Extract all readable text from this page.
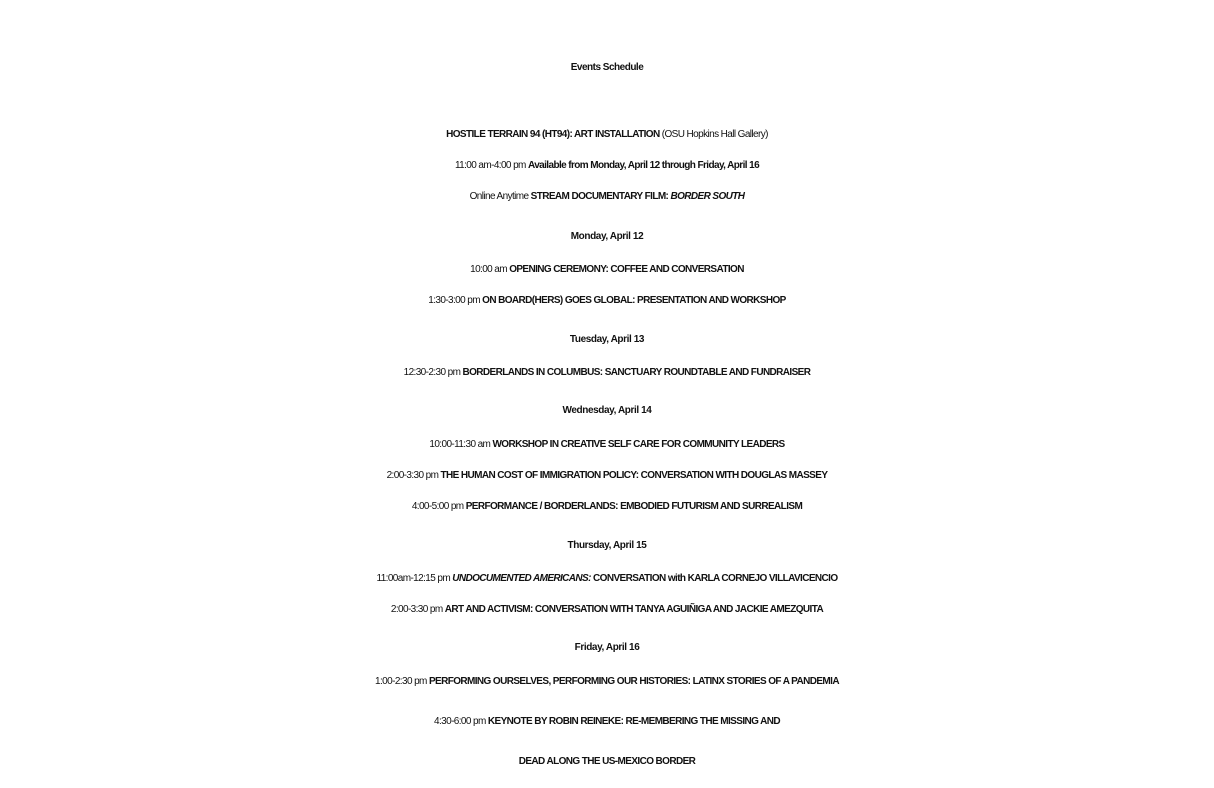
Events Schedule
HOSTILE TERRAIN 94 (HT94): ART INSTALLATION (OSU Hopkins Hall Gallery)
11:00 am-4:00 pm Available from Monday, April 12 through Friday, April 16
Online Anytime STREAM DOCUMENTARY FILM: BORDER SOUTH
Monday, April 12
10:00 am OPENING CEREMONY: COFFEE AND CONVERSATION
1:30-3:00 pm ON BOARD(HERS) GOES GLOBAL: PRESENTATION AND WORKSHOP
Tuesday, April 13
12:30-2:30 pm BORDERLANDS IN COLUMBUS: SANCTUARY ROUNDTABLE AND FUNDRAISER
Wednesday, April 14
10:00-11:30 am WORKSHOP IN CREATIVE SELF CARE FOR COMMUNITY LEADERS
2:00-3:30 pm THE HUMAN COST OF IMMIGRATION POLICY: CONVERSATION WITH DOUGLAS MASSEY
4:00-5:00 pm PERFORMANCE / BORDERLANDS: EMBODIED FUTURISM AND SURREALISM
Thursday, April 15
11:00am-12:15 pm UNDOCUMENTED AMERICANS: CONVERSATION with KARLA CORNEJO VILLAVICENCIO
2:00-3:30 pm ART AND ACTIVISM: CONVERSATION WITH TANYA AGUIÑIGA AND JACKIE AMEZQUITA
Friday, April 16
1:00-2:30 pm PERFORMING OURSELVES, PERFORMING OUR HISTORIES: LATINX STORIES OF A PANDEMIA
4:30-6:00 pm KEYNOTE BY ROBIN REINEKE: RE-MEMBERING THE MISSING AND
DEAD ALONG THE US-MEXICO BORDER
